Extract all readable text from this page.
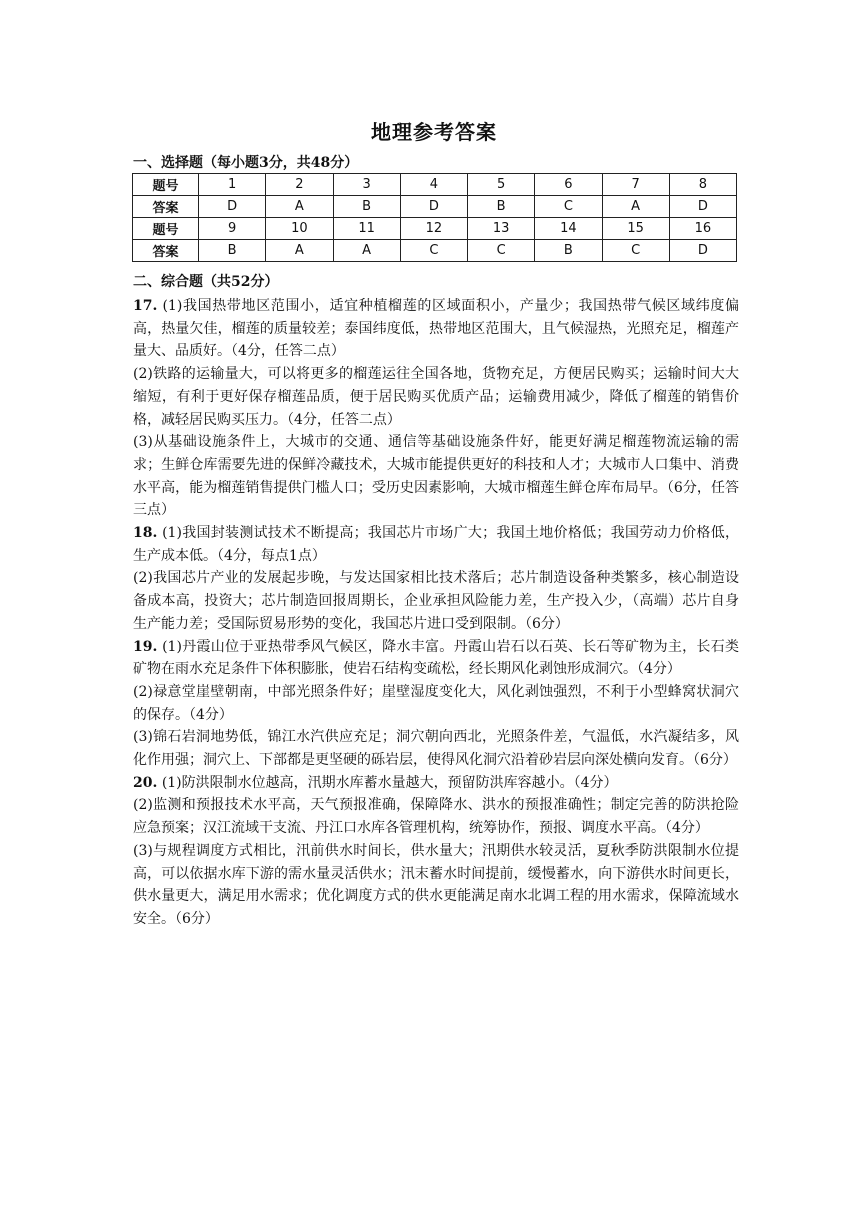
地理参考答案
一、选择题（每小题3分，共48分）
题号	1	2	3	4	5	6	7	8
答案	D	A	B	D	B	C	A	D
题号	9	10	11	12	13	14	15	16
答案	B	A	A	C	C	B	C	D
二、综合题（共52分）

17. (1)我国热带地区范围小，适宜种植榴莲的区域面积小，产量少；我国热带气候区域纬度偏高，热量欠佳，榴莲的质量较差；泰国纬度低，热带地区范围大，且气候湿热，光照充足，榴莲产量大、品质好。（4分，任答二点）

(2)铁路的运输量大，可以将更多的榴莲运往全国各地，货物充足，方便居民购买；运输时间大大缩短，有利于更好保存榴莲品质，便于居民购买优质产品；运输费用减少，降低了榴莲的销售价格，减轻居民购买压力。（4分，任答二点）

(3)从基础设施条件上，大城市的交通、通信等基础设施条件好，能更好满足榴莲物流运输的需求；生鲜仓库需要先进的保鲜冷藏技术，大城市能提供更好的科技和人才；大城市人口集中、消费水平高，能为榴莲销售提供门槛人口；受历史因素影响，大城市榴莲生鲜仓库布局早。（6分，任答三点）

18. (1)我国封装测试技术不断提高；我国芯片市场广大；我国土地价格低；我国劳动力价格低，生产成本低。（4分，每点1点）

(2)我国芯片产业的发展起步晚，与发达国家相比技术落后；芯片制造设备种类繁多，核心制造设备成本高，投资大；芯片制造回报周期长，企业承担风险能力差，生产投入少，（高端）芯片自身生产能力差；受国际贸易形势的变化，我国芯片进口受到限制。（6分）

19. (1)丹霞山位于亚热带季风气候区，降水丰富。丹霞山岩石以石英、长石等矿物为主，长石类矿物在雨水充足条件下体积膨胀，使岩石结构变疏松，经长期风化剥蚀形成洞穴。（4分）

(2)禄意堂崖壁朝南，中部光照条件好；崖壁湿度变化大，风化剥蚀强烈，不利于小型蜂窝状洞穴的保存。（4分）

(3)锦石岩洞地势低，锦江水汽供应充足；洞穴朝向西北，光照条件差，气温低，水汽凝结多，风化作用强；洞穴上、下部都是更坚硬的砾岩层，使得风化洞穴沿着砂岩层向深处横向发育。（6分）

20. (1)防洪限制水位越高，汛期水库蓄水量越大，预留防洪库容越小。（4分）

(2)监测和预报技术水平高，天气预报准确，保障降水、洪水的预报准确性；制定完善的防洪抢险应急预案；汉江流域干支流、丹江口水库各管理机构，统筹协作，预报、调度水平高。（4分）

(3)与规程调度方式相比，汛前供水时间长，供水量大；汛期供水较灵活，夏秋季防洪限制水位提高，可以依据水库下游的需水量灵活供水；汛末蓄水时间提前，缓慢蓄水，向下游供水时间更长，供水量更大，满足用水需求；优化调度方式的供水更能满足南水北调工程的用水需求，保障流域水安全。（6分）
